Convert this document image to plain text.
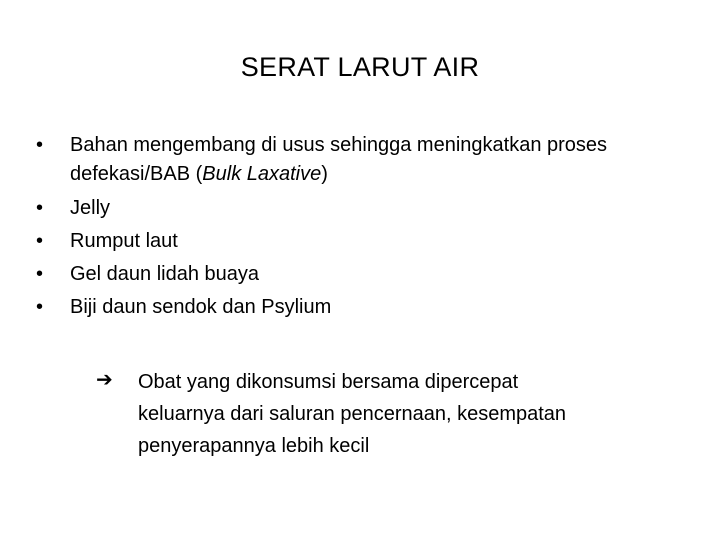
SERAT LARUT AIR
•	Bahan mengembang di usus sehingga meningkatkan proses defekasi/BAB (Bulk Laxative)
•	Jelly
•	Rumput laut
•	Gel daun lidah buaya
•	Biji daun sendok dan Psylium
➔	Obat yang dikonsumsi bersama dipercepat
keluarnya dari saluran pencernaan, kesempatan
penyerapannya lebih kecil
